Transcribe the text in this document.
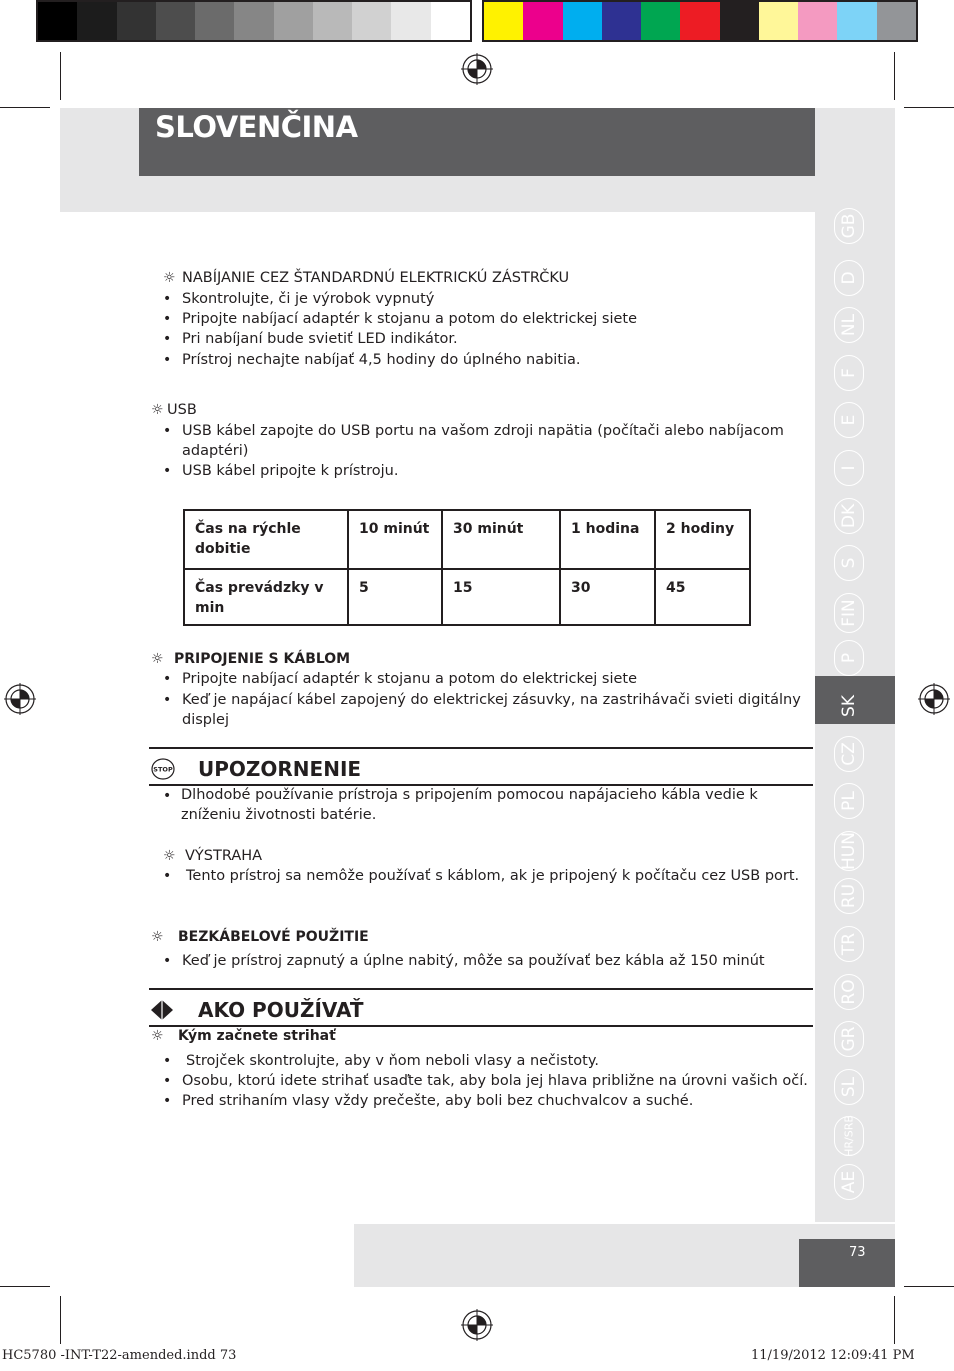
SLOVENČINA
GB
D
NL
F
E
I
DK
S
FIN
P
SK
CZ
PL
HUN
RU
TR
RO
GR
SL
HR/SRB
AE
73
☼ NABÍJANIE CEZ ŠTANDARDNÚ ELEKTRICKÚ ZÁSTRČKU
• Skontrolujte, či je výrobok vypnutý
• Pripojte nabíjací adaptér k stojanu a potom do elektrickej siete
• Pri nabíjaní bude svietiť LED indikátor.
• Prístroj nechajte nabíjať 4,5 hodiny do úplného nabitia.
☼ USB
• USB kábel zapojte do USB portu na vašom zdroji napätia (počítači alebo nabíjacom adaptéri)
• USB kábel pripojte k prístroju.
Čas na rýchle dobitie	10 minút	30 minút	1 hodina	2 hodiny
Čas prevádzky v min	5	15	30	45
☼ PRIPOJENIE S KÁBLOM
• Pripojte nabíjací adaptér k stojanu a potom do elektrickej siete
• Keď je napájací kábel zapojený do elektrickej zásuvky, na zastrihávači svieti digitálny displej
STOP UPOZORNENIE
• Dlhodobé používanie prístroja s pripojením pomocou napájacieho kábla vedie k zníženiu životnosti batérie.
☼ VÝSTRAHA
• Tento prístroj sa nemôže používať s káblom, ak je pripojený k počítaču cez USB port.
☼ BEZKÁBELOVÉ POUŽITIE
• Keď je prístroj zapnutý a úplne nabitý, môže sa používať bez kábla až 150 minút
AKO POUŽÍVAŤ
☼ Kým začnete strihať
• Strojček skontrolujte, aby v ňom neboli vlasy a nečistoty.
• Osobu, ktorú idete strihať usaďte tak, aby bola jej hlava približne na úrovni vašich očí.
• Pred strihaním vlasy vždy prečešte, aby boli bez chuchvalcov a suché.
HC5780 -INT-T22-amended.indd 73	11/19/2012 12:09:41 PM
